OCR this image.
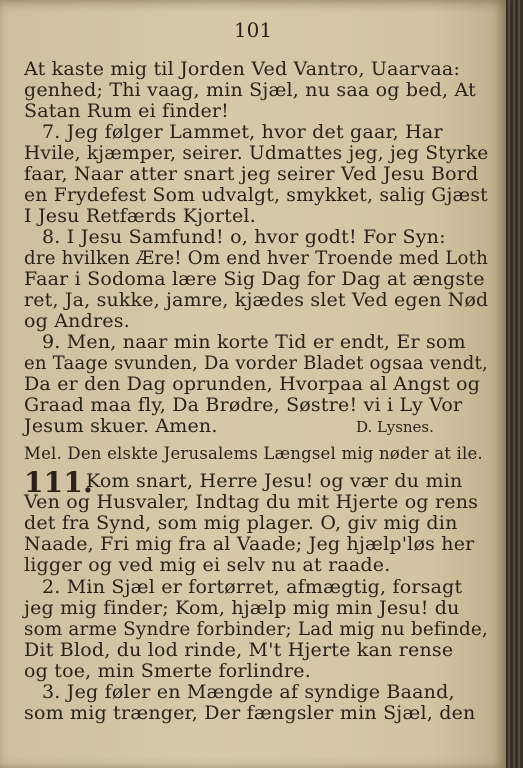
101
At kaste mig til Jorden Ved Vantro, Uaarvaa:
genhed; Thi vaag, min Sjæl, nu saa og bed, At
Satan Rum ei finder!
7. Jeg følger Lammet, hvor det gaar, Har
Hvile, kjæmper, seirer. Udmattes jeg, jeg Styrke
faar, Naar atter snart jeg seirer Ved Jesu Bord
en Frydefest Som udvalgt, smykket, salig Gjæst
I Jesu Retfærds Kjortel.
8. I Jesu Samfund! o, hvor godt! For Syn:
dre hvilken Ære! Om end hver Troende med Loth
Faar i Sodoma lære Sig Dag for Dag at ængste
ret, Ja, sukke, jamre, kjædes slet Ved egen Nød
og Andres.
9. Men, naar min korte Tid er endt, Er som
en Taage svunden, Da vorder Bladet ogsaa vendt,
Da er den Dag oprunden, Hvorpaa al Angst og
Graad maa fly, Da Brødre, Søstre! vi i Ly Vor
Jesum skuer. Amen.	D. Lysnes.
Mel. Den elskte Jerusalems Længsel mig nøder at ile.
111.
Kom snart, Herre Jesu! og vær du min
Ven og Husvaler, Indtag du mit Hjerte og rens
det fra Synd, som mig plager. O, giv mig din
Naade, Fri mig fra al Vaade; Jeg hjælp'løs her
ligger og ved mig ei selv nu at raade.
2. Min Sjæl er fortørret, afmægtig, forsagt
jeg mig finder; Kom, hjælp mig min Jesu! du
som arme Syndre forbinder; Lad mig nu befinde,
Dit Blod, du lod rinde, M't Hjerte kan rense
og toe, min Smerte forlindre.
3. Jeg føler en Mængde af syndige Baand,
som mig trænger, Der fængsler min Sjæl, den
